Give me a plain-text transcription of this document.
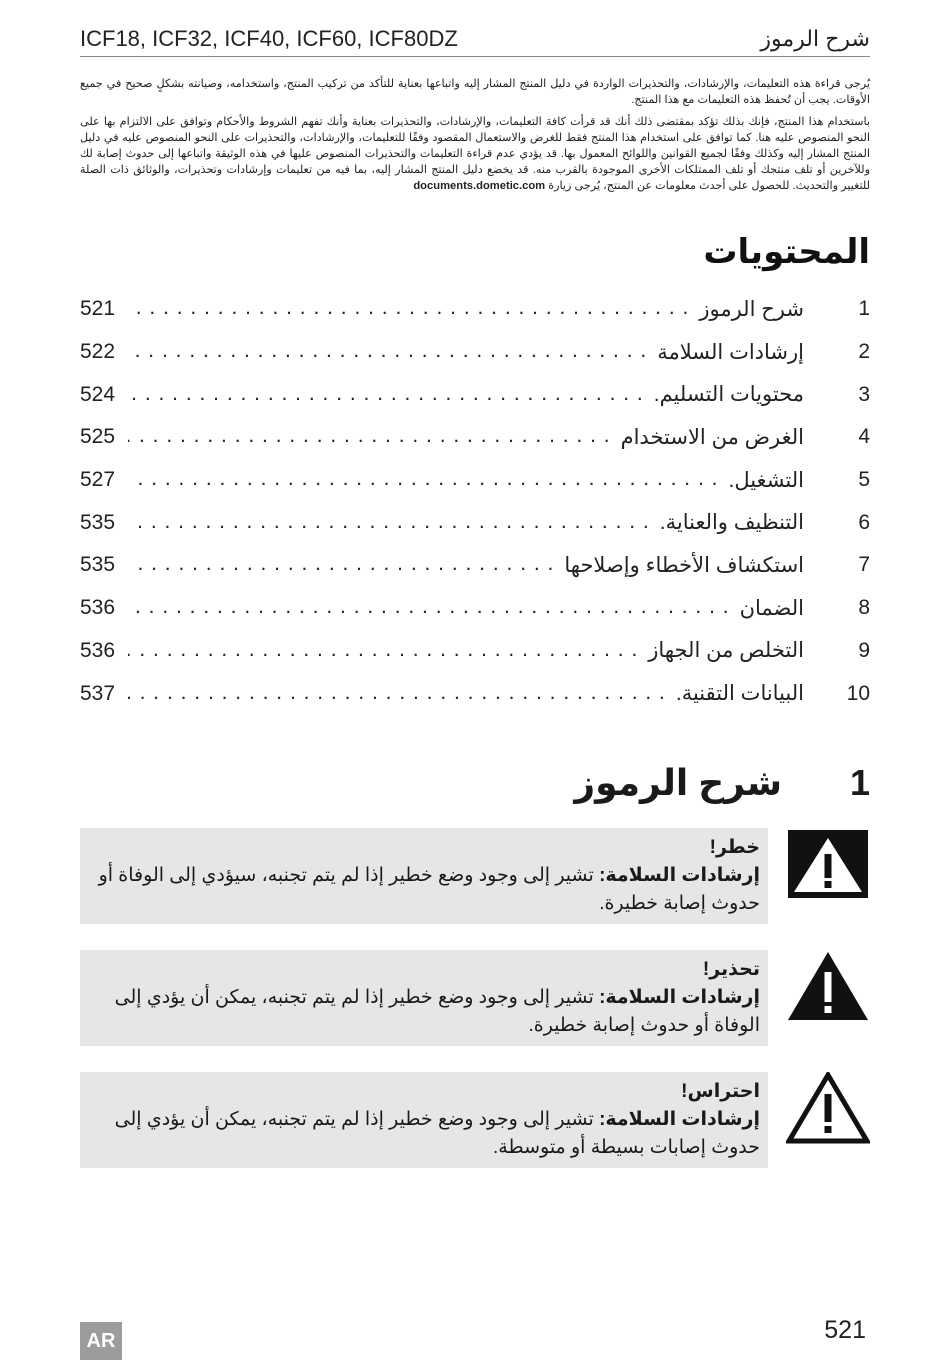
ICF18, ICF32, ICF40, ICF60, ICF80DZ	شرح الرموز

يُرجى قراءة هذه التعليمات، والإرشادات، والتحذيرات الواردة في دليل المنتج المشار إليه واتباعها بعناية للتأكد من تركيب المنتج، واستخدامه، وصيانته بشكلٍ صحيح في جميع الأوقات. يجب أن تُحفظ هذه التعليمات مع هذا المنتج.

باستخدام هذا المنتج، فإنك بذلك تؤكد بمقتضى ذلك أنك قد قرأت كافة التعليمات، والإرشادات، والتحذيرات بعناية وأنك تفهم الشروط والأحكام وتوافق على الالتزام بها على النحو المنصوص عليه هنا. كما توافق على استخدام هذا المنتج فقط للغرض والاستعمال المقصود وفقًا للتعليمات، والإرشادات، والتحذيرات على النحو المنصوص عليه في دليل المنتج المشار إليه وكذلك وفقًا لجميع القوانين واللوائح المعمول بها. قد يؤدي عدم قراءة التعليمات والتحذيرات المنصوص عليها في هذه الوثيقة واتباعها إلى حدوث إصابة لك وللآخرين أو تلف منتجك أو تلف الممتلكات الأخرى الموجودة بالقرب منه. قد يخضع دليل المنتج المشار إليه، بما فيه من تعليمات وإرشادات وتحذيرات، والوثائق ذات الصلة للتغيير والتحديث. للحصول على أحدث معلومات عن المنتج، يُرجى زيارة documents.dometic.com

المحتويات
521 . . .	شرح الرموز	1
522 . . .	إرشادات السلامة	2
524 . . .	محتويات التسليم.	3
525 . . .	الغرض من الاستخدام	4
527 . . .	التشغيل.	5
535 . . .	التنظيف والعناية.	6
535 . . .	استكشاف الأخطاء وإصلاحها	7
536 . . .	الضمان	8
536 . . .	التخلص من الجهاز	9
537 . . .	البيانات التقنية.	10
شرح الرموز 1
خطر!
إرشادات السلامة: تشير إلى وجود وضع خطير إذا لم يتم تجنبه، سيؤدي إلى الوفاة أو حدوث إصابة خطيرة.
تحذير!
إرشادات السلامة: تشير إلى وجود وضع خطير إذا لم يتم تجنبه، يمكن أن يؤدي إلى الوفاة أو حدوث إصابة خطيرة.
احتراس!
إرشادات السلامة: تشير إلى وجود وضع خطير إذا لم يتم تجنبه، يمكن أن يؤدي إلى حدوث إصابات بسيطة أو متوسطة.
AR	521
